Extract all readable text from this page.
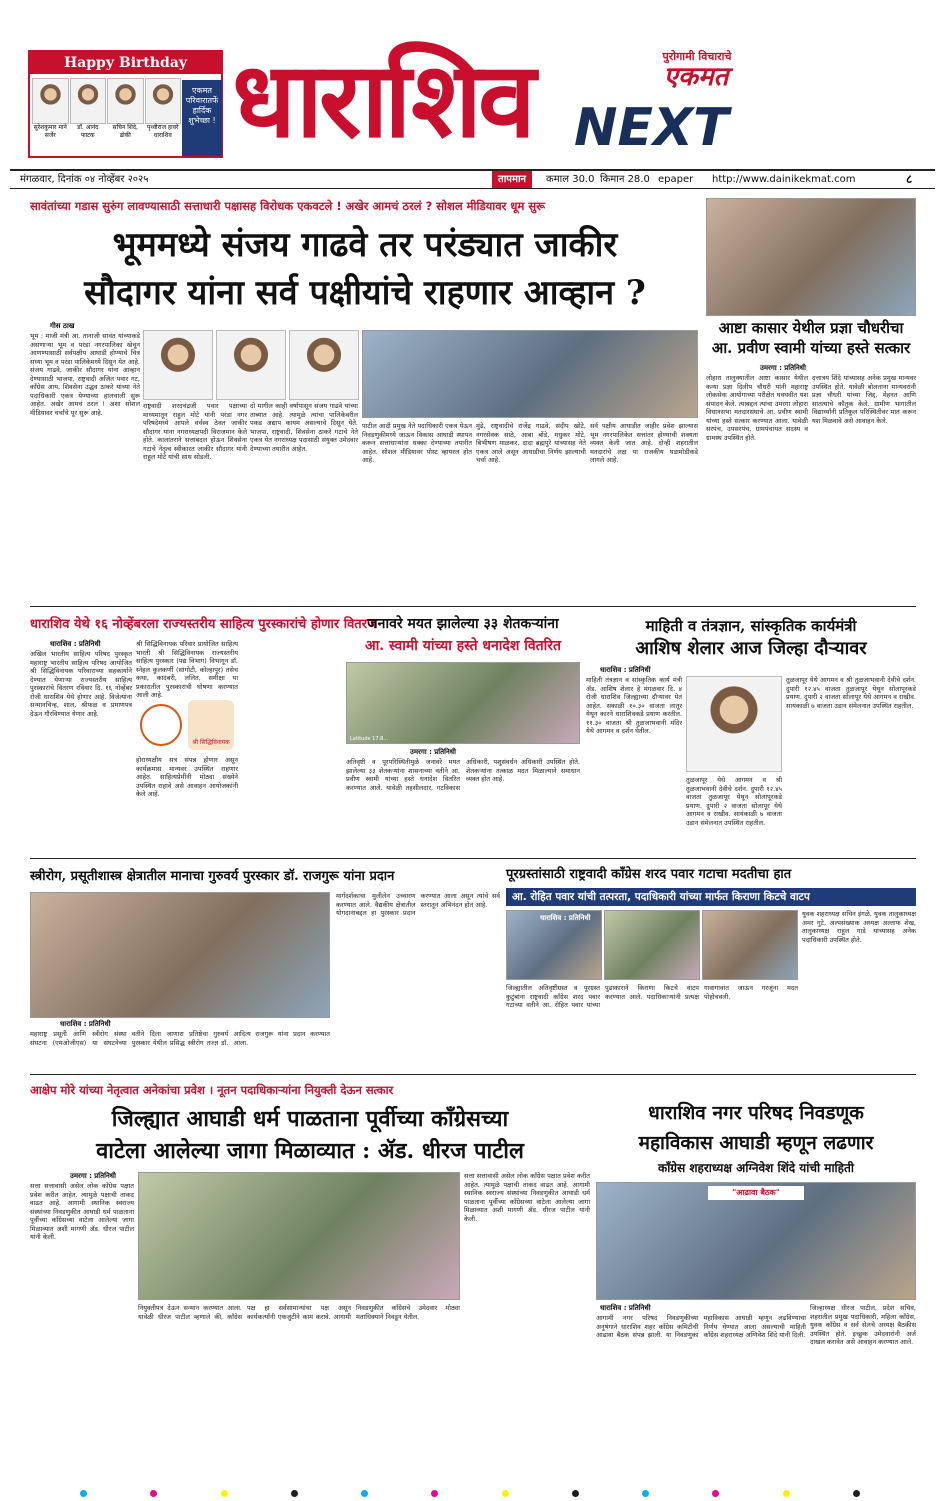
Happy Birthday
सुरेशकुमार माने सर्जेर
डॉ. आनंद फाटक
सचिन शिंदे, ढोकी
पृथ्वीराज हावरे धाराशिव
एकमत परिवारातर्फे हार्दिक शुभेच्छा ! धाराशिव	पुरोगामी विचाराचे
एकमत
NEXT
मंगळवार, दिनांक ०४ नोव्हेंबर २०२५	तापमान	कमाल 30.0 किमान 28.0 epaper http://www.dainikekmat.com	८
सावंतांच्या गडास सुरुंग लावण्यासाठी सत्ताधारी पक्षासह विरोधक एकवटले ! अखेर आमचं ठरलं ? सोशल मीडियावर धूम सुरू
भूममध्ये संजय गाढवे तर परंड्यात जाकीर
सौदागर यांना सर्व पक्षीयांचे राहणार आव्हान ?
गीस ठाख
भूम : माजी मंत्री आ. तानाजी सावंत यांच्याकडे असणाऱ्या भूम व परंडा नगरपालिका खेचून आणण्यासाठी सर्वपक्षीय आघाडी होण्याचे चित्र सध्या भूम व परंडा पालिकेमध्ये दिसून येत आहे. संजय गाढवे, जाकीर सौदागर यांना आव्हान देण्यासाठी भाजपा, राष्ट्रवादी अजित पवार गट, काँग्रेस आय, शिवसेना उद्धव ठाकरे यांच्या नेते पदाधिकारी एकत्र येण्याच्या हालचाली सुरू आहेत. अखेर आमचं ठरलं ! अशा सोशल मीडियावर चर्चांचे पूर सुरू आहे.
राष्ट्रवादी शरदचंद्रजी पवार पक्षाच्या माध्यमातून राहुल मोटे यांनी परंडा नगर परिषदेमध्ये आपले वर्चस्व ठेवत जाकीर सौदागर यांना नगराध्यक्षपदी विराजमान केले होते. कालांतराने सत्ताबदल होऊन शिवसेना गटाचे नेतृत्व स्वीकारत जाकीर सौदागर यांनी राहुल मोटे यांची साथ सोडली.
दो मागील काही वर्षापासून संजय गाढवे यांच्या ताब्यात आहे. त्यामुळे त्यांचा पालिकेवरील पकड अद्याप कायम असल्याचे दिसून येते. भाजपा, राष्ट्रवादी, शिवसेना ठाकरे गटाचे नेते एकत्र येत नगराध्यक्ष पदासाठी संयुक्त उमेदवार देण्याच्या तयारीत आहेत.
पाटील आदी प्रमुख नेते पदाधिकारी एकत्र येऊन निवडणुकीमध्ये जाऊन विकास आघाडी स्थापन करून सत्ताधाऱ्यांना धक्का देण्याच्या तयारीत आहेत. सोशल मीडियावर पोस्ट व्हायरल होत आहे.
मुंढे, राष्ट्रवादीचे राजेंद्र गाढवे, संदीप खोटे, नगरसेवक साठे, आबा बोंडे, मधुकर मोटे, बिभीषण माळकर, दादा ब्रह्मपुरे यांच्यासह नेते एकत्र आले असून आघाडीचा निर्णय झाल्याची चर्चा आहे.
सर्व पक्षीय आघाडीत जाहीर प्रवेश झाल्यास भूम नगरपालिकेत सत्तांतर होण्याची शक्यता व्यक्त केली जात आहे. दोन्ही शहरातील मतदारांचे लक्ष या राजकीय घडामोडीकडे लागले आहे.
आष्टा कासार येथील प्रज्ञा चौधरीचा आ. प्रवीण स्वामी यांच्या हस्ते सत्कार
उमरगा : प्रतिनिधी
लोहारा तालुक्यातील आष्टा कासार येथील कन्या प्रज्ञा दिलीप चौधरी यांनी महाराष्ट्र लोकसेवा आयोगाच्या परीक्षेत घवघवीत यश संपादन केले. त्याबद्दल त्यांचा उमरगा लोहारा विधानसभा मतदारसंघाचे आ. प्रवीण स्वामी यांच्या हस्ते सत्कार करण्यात आला. यावेळी सरपंच, उपसरपंच, ग्रामपंचायत सदस्य व ग्रामस्थ उपस्थित होते.
दत्तात्रय शिंदे यांच्यासह अनेक प्रमुख मान्यवर उपस्थित होते. यावेळी बोलताना मान्यवरांनी प्रज्ञा चौधरी यांच्या जिद्द, मेहनत आणि सातत्याचे कौतुक केले. ग्रामीण भागातील विद्यार्थ्यांनी प्रतिकूल परिस्थितीवर मात करून यश मिळवावे असे आवाहन केले.
धाराशिव येथे १६ नोव्हेंबरला राज्यस्तरीय साहित्य पुरस्कारांचे होणार वितरण
धाराशिव : प्रतिनिधी
अखिल भारतीय साहित्य परिषद पुरस्कृत महाराष्ट्र भारतीय साहित्य परिषद आयोजित श्री सिद्धिविनायक परिवाराच्या सहकार्याने देण्यात येणाऱ्या राज्यस्तरीय साहित्य पुरस्कारांचे वितरण रविवार दि. १६ नोव्हेंबर रोजी धाराशिव येथे होणार आहे. विजेत्यांना सन्मानचिन्ह, शाल, श्रीफळ व प्रमाणपत्र देऊन गौरविण्यात येणार आहे.
श्री सिद्धिविनायक परिवार प्रायोजित साहित्य भारती श्री सिद्धिविनायक राज्यस्तरीय साहित्य पुरस्कार (पद्य विभाग) विभागून डॉ. स्नेहल कुलकर्णी (सांगोटी, कोल्हापूर) तसेच कथा, कादंबरी, ललित, समीक्षा या प्रकारातील पुरस्कारांची घोषणा करण्यात आली आहे.
श्री सिद्धिविनायक
होराध्यक्षीय सत्र संपन्न होणार असून कार्यक्रमास मान्यवर उपस्थित राहणार आहेत. साहित्यप्रेमींनी मोठ्या संख्येने उपस्थित राहावे असे आवाहन आयोजकांनी केले आहे.
जनावरे मयत झालेल्या ३३ शेतकऱ्यांना
आ. स्वामी यांच्या हस्ते धनादेश वितरित
Latitude 17.8...
उमरगा : प्रतिनिधी
अतिवृष्टी व पूरपरिस्थितीमुळे जनावरे मयत झालेल्या ३३ शेतकऱ्यांना शासनाच्या वतीने आ. प्रवीण स्वामी यांच्या हस्ते धनादेश वितरित करण्यात आले. यावेळी तहसीलदार, गटविकास अधिकारी, पशुसंवर्धन अधिकारी उपस्थित होते. शेतकऱ्यांना तत्काळ मदत मिळाल्याने समाधान व्यक्त होत आहे.
माहिती व तंत्रज्ञान, सांस्कृतिक कार्यमंत्री
आशिष शेलार आज जिल्हा दौऱ्यावर
धाराशिव : प्रतिनिधी
माहिती तंत्रज्ञान व सांस्कृतिक कार्य मंत्री ॲड. आशिष शेलार हे मंगळवार दि. ४ रोजी धाराशिव जिल्ह्याच्या दौऱ्यावर येत आहेत. सकाळी १०.३० वाजता लातूर येथून कारने धाराशिवकडे प्रयाण करतील. ११.३० वाजता श्री तुळजाभवानी मंदिर येथे आगमन व दर्शन घेतील.
तुळजापूर येथे आगमन व श्री तुळजाभवानी देवीचे दर्शन. दुपारी १२.४५ वाजता तुळजापूर येथून सोलापूरकडे प्रयाण. दुपारी २ वाजता सोलापूर येथे आगमन व राखीव. सायंकाळी ७ वाजता उडान संमेलनात उपस्थित राहतील.
तुळजापूर येथे आगमन व श्री तुळजाभवानी देवीचे दर्शन. दुपारी १२.४५ वाजता तुळजापूर येथून सोलापूरकडे प्रयाण. दुपारी २ वाजता सोलापूर येथे आगमन व राखीव. सायंकाळी ७ वाजता उडान संमेलनात उपस्थित राहतील.
स्त्रीरोग, प्रसूतीशास्त्र क्षेत्रातील मानाचा गुरुवर्य पुरस्कार डॉ. राजगुरू यांना प्रदान
धाराशिव : प्रतिनिधी
महाराष्ट्र प्रसूती आणि स्त्रीरोग संस्था संघटना (एमओजीएस) या संघटनेच्या वतीने दिला जाणारा प्रतिष्ठेचा गुरुवर्य पुरस्कार येथील प्रसिद्ध स्त्रीरोग तज्ज्ञ डॉ. आदित्य राजगुरू यांना प्रदान करण्यात आला.
मार्गदर्शकाचा मुलीलेन उच्चारण करण्यात आले. वैद्यकीय क्षेत्रातील योगदानाबद्दल हा पुरस्कार प्रदान करण्यात आला असून त्यांचे सर्व स्तरातून अभिनंदन होत आहे.
पूरग्रस्तांसाठी राष्ट्रवादी काँग्रेस शरद पवार गटाचा मदतीचा हात
आ. रोहित पवार यांची तत्परता, पदाधिकारी यांच्या मार्फत किराणा किटचे वाटप
धाराशिव : प्रतिनिधी
जिल्ह्यातील अतिवृष्टीग्रस्त व पूरग्रस्त कुटुंबांना राष्ट्रवादी काँग्रेस शरद पवार गटाच्या वतीने आ. रोहित पवार यांच्या पुढाकाराने किराणा किटचे वाटप करण्यात आले. पदाधिकाऱ्यांनी प्रत्यक्ष गावागावात जाऊन गरजूंना मदत पोहोचवली.
युवक शहराध्यक्ष सचिन इंगळे, युवक तालुकाध्यक्ष अमर गुटे, अल्पसंख्याक अध्यक्ष अल्ताफ शेख, तालुकाध्यक्ष राहुल गाडे यांच्यासह अनेक पदाधिकारी उपस्थित होते.
आक्षेप मोरे यांच्या नेतृत्वात अनेकांचा प्रवेश । नूतन पदाधिकाऱ्यांना नियुक्ती देऊन सत्कार
जिल्ह्यात आघाडी धर्म पाळताना पूर्वीच्या काँग्रेसच्या
वाटेला आलेल्या जागा मिळाव्यात : ॲड. धीरज पाटील
उमरगा : प्रतिनिधी
सत्ता सत्तावासी असेल लोक काँग्रेस पक्षात प्रवेश करीत आहेत. त्यामुळे पक्षाची ताकद वाढत आहे. आगामी स्थानिक स्वराज्य संस्थांच्या निवडणुकीत आघाडी धर्म पाळताना पूर्वीच्या काँग्रेसच्या वाटेला आलेल्या जागा मिळाव्यात अशी मागणी ॲड. धीरज पाटील यांनी केली.
नियुक्तीपत्र देऊन सन्मान करण्यात आला. यावेळी धीरज पाटील म्हणाले की, काँग्रेस पक्ष हा सर्वसामान्यांचा पक्ष असून कार्यकर्त्यांनी एकजुटीने काम करावे. आगामी निवडणुकीत काँग्रेसचे उमेदवार मोठ्या मताधिक्याने निवडून येतील.
सत्ता सत्तावासी असेल लोक काँग्रेस पक्षात प्रवेश करीत आहेत. त्यामुळे पक्षाची ताकद वाढत आहे. आगामी स्थानिक स्वराज्य संस्थांच्या निवडणुकीत आघाडी धर्म पाळताना पूर्वीच्या काँग्रेसच्या वाटेला आलेल्या जागा मिळाव्यात अशी मागणी ॲड. धीरज पाटील यांनी केली.
धाराशिव नगर परिषद निवडणूक
महाविकास आघाडी म्हणून लढणार
काँग्रेस शहराध्यक्ष अग्निवेश शिंदे यांची माहिती
"आढावा बैठक"
धाराशिव : प्रतिनिधी
आगामी नगर परिषद निवडणुकीच्या अनुषंगाने धाराशिव शहर काँग्रेस कमिटीची आढावा बैठक संपन्न झाली. या निवडणुका महाविकास आघाडी म्हणून लढविण्याचा निर्णय घेण्यात आला असल्याची माहिती काँग्रेस शहराध्यक्ष अग्निवेश शिंदे यांनी दिली.
जिल्हाध्यक्ष धीरज पाटील, प्रदेश सचिव, शहरातील प्रमुख पदाधिकारी, महिला काँग्रेस, युवक काँग्रेस व सर्व सेलचे अध्यक्ष बैठकीस उपस्थित होते. इच्छुक उमेदवारांनी अर्ज दाखल करावेत असे आवाहन करण्यात आले.
